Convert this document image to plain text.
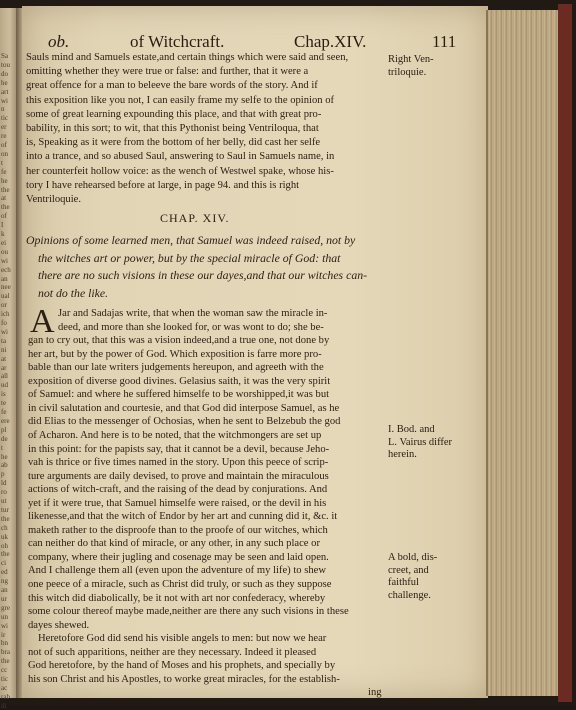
Sa
tou
do
he
art
wi
n
tic
er
re
of
on
t
fe
he
the
at
the
of
I
k
ei
ou
wi
ech
an
nee
ual
or
ich
fo
wi
ta
ni
at
ar
all
ud
is
te
fe
ere
pl
de
t
he
ab
p
ld
ro
ut
tur
the
ch
uk
oh
the
ci
ed
ng
an
ur
gre
un
wi
ir
bn
bra
the
cc
tic
ac
rab
di
ob.	of Witchcraft.	Chap.XIV.	111
Sauls mind and Samuels estate,and certain things which were said and seen,
omitting whether they were true or false: and further, that it were a
great offence for a man to beleeve the bare words of the story. And if
this exposition like you not, I can easily frame my selfe to the opinion of
some of great learning expounding this place, and that with great pro-
bability, in this sort; to wit, that this Pythonist being Ventriloqua, that
is, Speaking as it were from the bottom of her belly, did cast her selfe
into a trance, and so abused Saul, answering to Saul in Samuels name, in
her counterfeit hollow voice: as the wench of Westwel spake, whose his-
tory I have rehearsed before at large, in page 94. and this is right
Ventriloquie.
Opinions of some learned men, that Samuel was indeed raised, not by
the witches art or power, but by the special miracle of God: that
there are no such visions in these our dayes,and that our witches can-
not do the like.
Jar and Sadajas write, that when the woman saw the miracle in-
deed, and more than she looked for, or was wont to do; she be-
gan to cry out, that this was a vision indeed,and a true one, not done by
her art, but by the power of God. Which exposition is farre more pro-
bable than our late writers judgements hereupon, and agreeth with the
exposition of diverse good divines. Gelasius saith, it was the very spirit
of Samuel: and where he suffered himselfe to be worshipped,it was but
in civil salutation and courtesie, and that God did interpose Samuel, as he
did Elias to the messenger of Ochosias, when he sent to Belzebub the god
of Acharon. And here is to be noted, that the witchmongers are set up
in this point: for the papists say, that it cannot be a devil, because Jeho-
vah is thrice or five times named in the story. Upon this peece of scrip-
ture arguments are daily devised, to prove and maintain the miraculous
actions of witch-craft, and the raising of the dead by conjurations. And
yet if it were true, that Samuel himselfe were raised, or the devil in his
likenesse,and that the witch of Endor by her art and cunning did it, &c. it
maketh rather to the disproofe than to the proofe of our witches, which
can neither do that kind of miracle, or any other, in any such place or
company, where their jugling and cosenage may be seen and laid open.
And I challenge them all (even upon the adventure of my life) to shew
one peece of a miracle, such as Christ did truly, or such as they suppose
this witch did diabolically, be it not with art nor confederacy, whereby
some colour thereof maybe made,neither are there any such visions in these
dayes shewed.
Heretofore God did send his visible angels to men: but now we hear
not of such apparitions, neither are they necessary. Indeed it pleased
God heretofore, by the hand of Moses and his prophets, and specially by
his son Christ and his Apostles, to worke great miracles, for the establish-
ing
CHAP. XIV.
A
Right Ven-
triloquie.
I. Bod. and
L. Vairus differ
herein.
A bold, dis-
creet, and
faithful
challenge.
